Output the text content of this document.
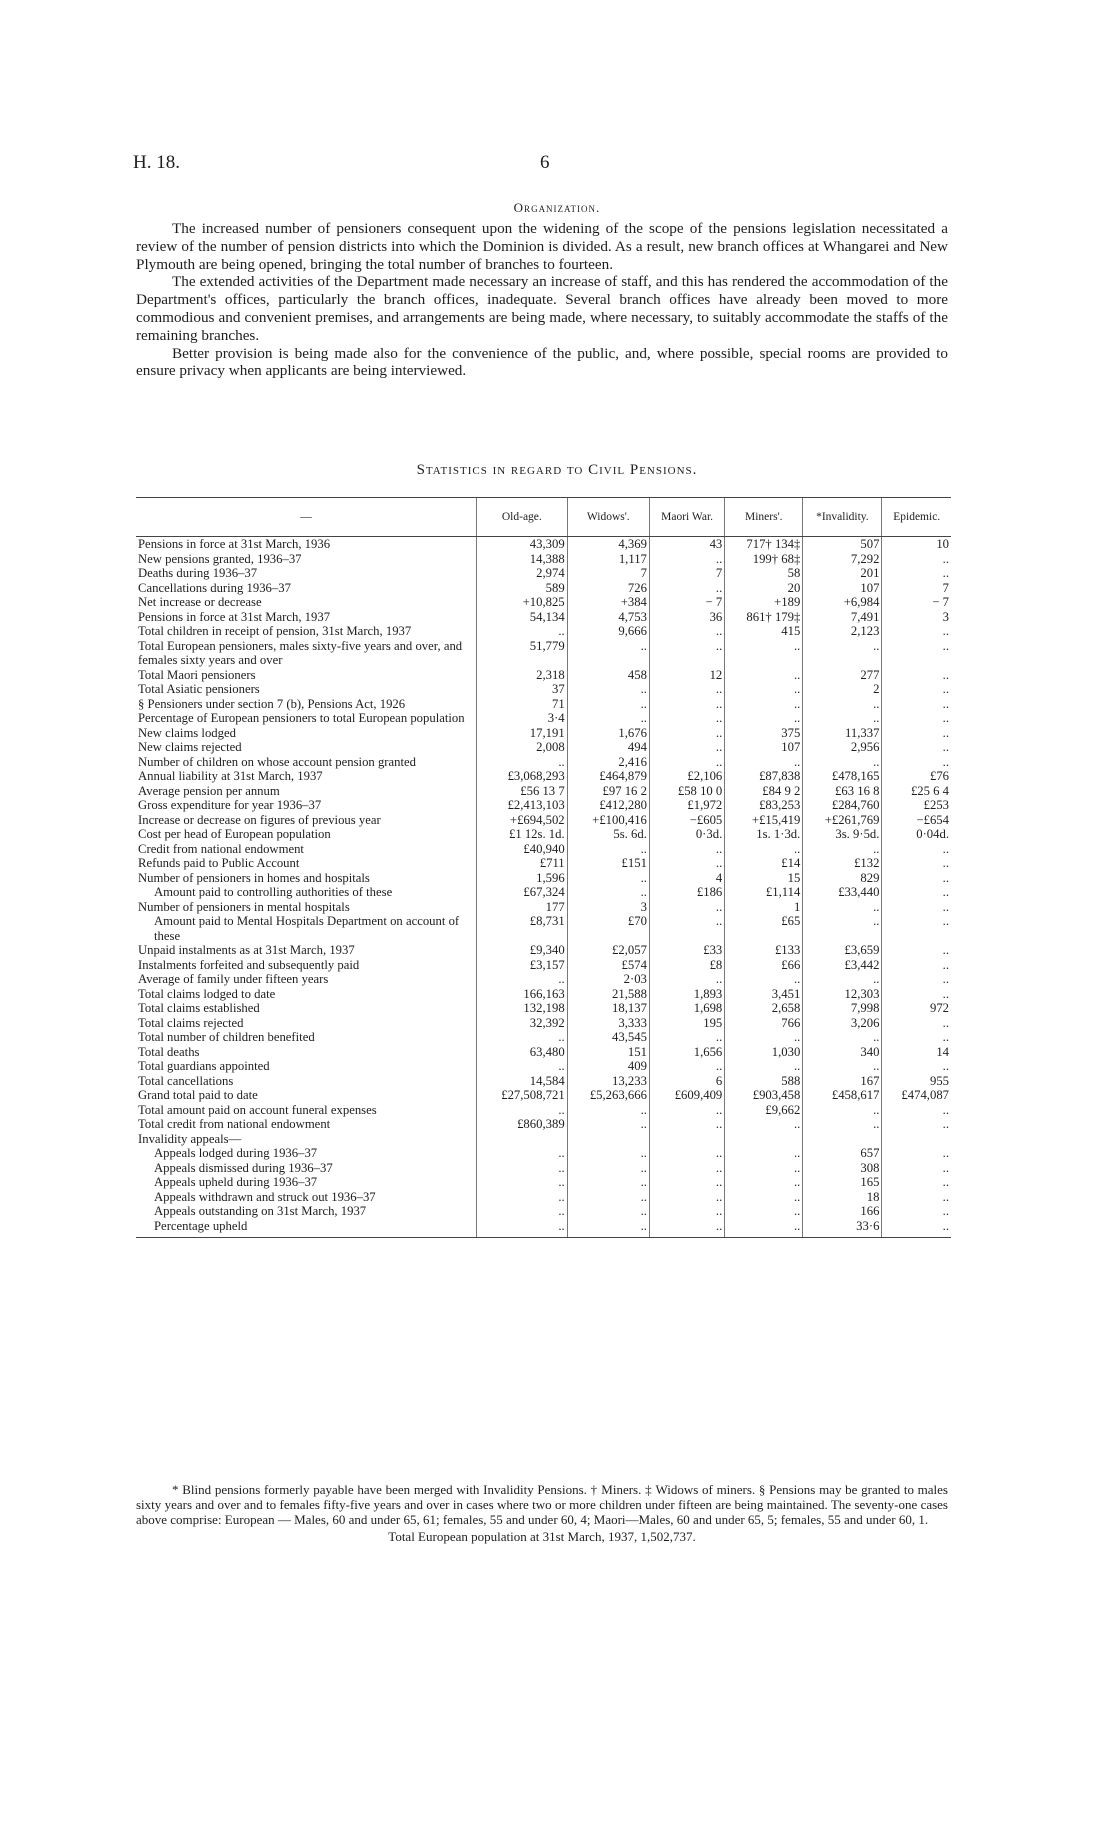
H. 18.	6
Organization.

The increased number of pensioners consequent upon the widening of the scope of the pensions legislation necessitated a review of the number of pension districts into which the Dominion is divided. As a result, new branch offices at Whangarei and New Plymouth are being opened, bringing the total number of branches to fourteen.

The extended activities of the Department made necessary an increase of staff, and this has rendered the accommodation of the Department's offices, particularly the branch offices, inadequate. Several branch offices have already been moved to more commodious and convenient premises, and arrangements are being made, where necessary, to suitably accommodate the staffs of the remaining branches.

Better provision is being made also for the convenience of the public, and, where possible, special rooms are provided to ensure privacy when applicants are being interviewed.

Statistics in regard to Civil Pensions.
—	Old-age.	Widows'.	Maori War.	Miners'.	*Invalidity.	Epidemic.
Pensions in force at 31st March, 1936	43,309	4,369	43	717† 134‡	507	10
New pensions granted, 1936–37	14,388	1,117	..	199† 68‡	7,292	..
Deaths during 1936–37	2,974	7	7	58	201	..
Cancellations during 1936–37	589	726	..	20	107	7
Net increase or decrease	+10,825	+384	− 7	+189	+6,984	− 7
Pensions in force at 31st March, 1937	54,134	4,753	36	861† 179‡	7,491	3
Total children in receipt of pension, 31st March, 1937	..	9,666	..	415	2,123	..
Total European pensioners, males sixty-five years and over, and females sixty years and over	51,779	..	..	..	..	..
Total Maori pensioners	2,318	458	12	..	277	..
Total Asiatic pensioners	37	..	..	..	2	..
§ Pensioners under section 7 (b), Pensions Act, 1926	71	..	..	..	..	..
Percentage of European pensioners to total European population	3·4	..	..	..	..	..
New claims lodged	17,191	1,676	..	375	11,337	..
New claims rejected	2,008	494	..	107	2,956	..
Number of children on whose account pension granted	..	2,416	..	..	..	..
Annual liability at 31st March, 1937	£3,068,293	£464,879	£2,106	£87,838	£478,165	£76
Average pension per annum	£56 13 7	£97 16 2	£58 10 0	£84 9 2	£63 16 8	£25 6 4
Gross expenditure for year 1936–37	£2,413,103	£412,280	£1,972	£83,253	£284,760	£253
Increase or decrease on figures of previous year	+£694,502	+£100,416	−£605	+£15,419	+£261,769	−£654
Cost per head of European population	£1 12s. 1d.	5s. 6d.	0·3d.	1s. 1·3d.	3s. 9·5d.	0·04d.
Credit from national endowment	£40,940	..	..	..	..	..
Refunds paid to Public Account	£711	£151	..	£14	£132	..
Number of pensioners in homes and hospitals	1,596	..	4	15	829	..
Amount paid to controlling authorities of these	£67,324	..	£186	£1,114	£33,440	..
Number of pensioners in mental hospitals	177	3	..	1	..	..
Amount paid to Mental Hospitals Department on account of these	£8,731	£70	..	£65	..	..
Unpaid instalments as at 31st March, 1937	£9,340	£2,057	£33	£133	£3,659	..
Instalments forfeited and subsequently paid	£3,157	£574	£8	£66	£3,442	..
Average of family under fifteen years	..	2·03	..	..	..	..
Total claims lodged to date	166,163	21,588	1,893	3,451	12,303	..
Total claims established	132,198	18,137	1,698	2,658	7,998	972
Total claims rejected	32,392	3,333	195	766	3,206	..
Total number of children benefited	..	43,545	..	..	..	..
Total deaths	63,480	151	1,656	1,030	340	14
Total guardians appointed	..	409	..	..	..	..
Total cancellations	14,584	13,233	6	588	167	955
Grand total paid to date	£27,508,721	£5,263,666	£609,409	£903,458	£458,617	£474,087
Total amount paid on account funeral expenses	..	..	..	£9,662	..	..
Total credit from national endowment	£860,389	..	..	..	..	..
Invalidity appeals—						
Appeals lodged during 1936–37	..	..	..	..	657	..
Appeals dismissed during 1936–37	..	..	..	..	308	..
Appeals upheld during 1936–37	..	..	..	..	165	..
Appeals withdrawn and struck out 1936–37	..	..	..	..	18	..
Appeals outstanding on 31st March, 1937	..	..	..	..	166	..
Percentage upheld	..	..	..	..	33·6	..

* Blind pensions formerly payable have been merged with Invalidity Pensions. † Miners. ‡ Widows of miners. § Pensions may be granted to males sixty years and over and to females fifty-five years and over in cases where two or more children under fifteen are being maintained. The seventy-one cases above comprise: European — Males, 60 and under 65, 61; females, 55 and under 60, 4; Maori—Males, 60 and under 65, 5; females, 55 and under 60, 1.

Total European population at 31st March, 1937, 1,502,737.
